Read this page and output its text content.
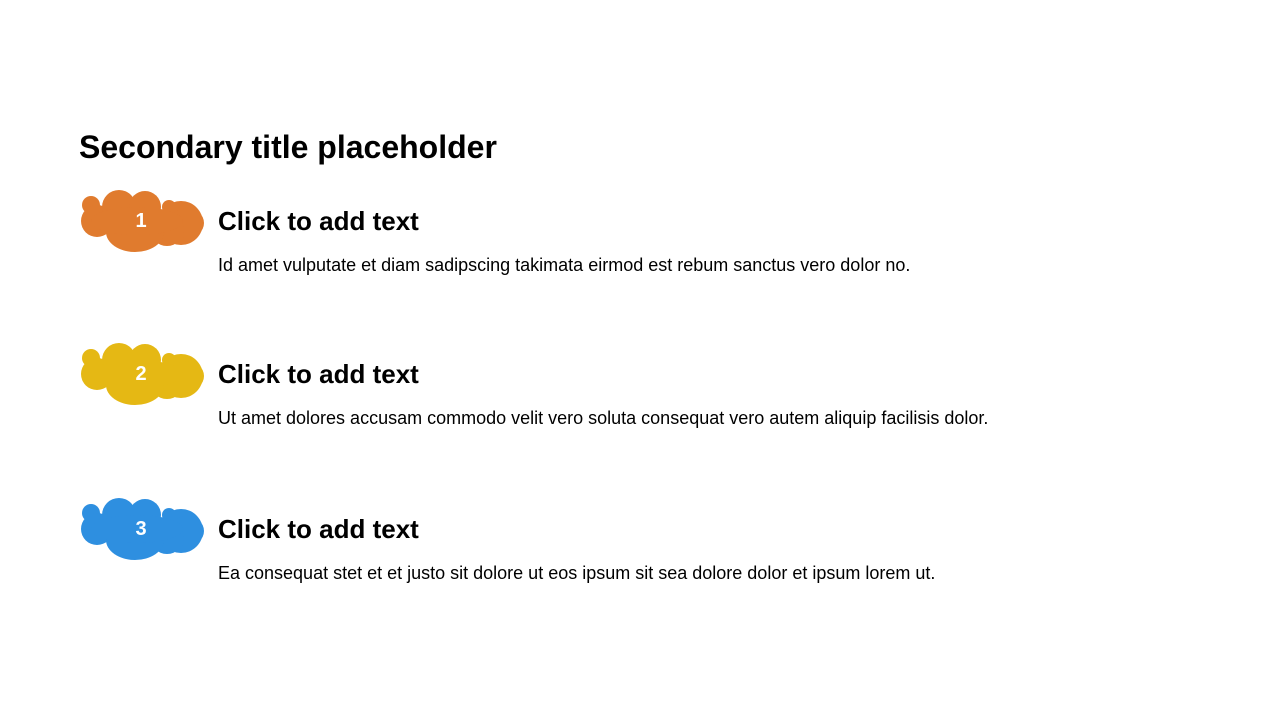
Secondary title placeholder
1	Click to add text
Id amet vulputate et diam sadipscing takimata eirmod est rebum sanctus vero dolor no.
2	Click to add text
Ut amet dolores accusam commodo velit vero soluta consequat vero autem aliquip facilisis dolor.
3	Click to add text
Ea consequat stet et et justo sit dolore ut eos ipsum sit sea dolore dolor et ipsum lorem ut.
